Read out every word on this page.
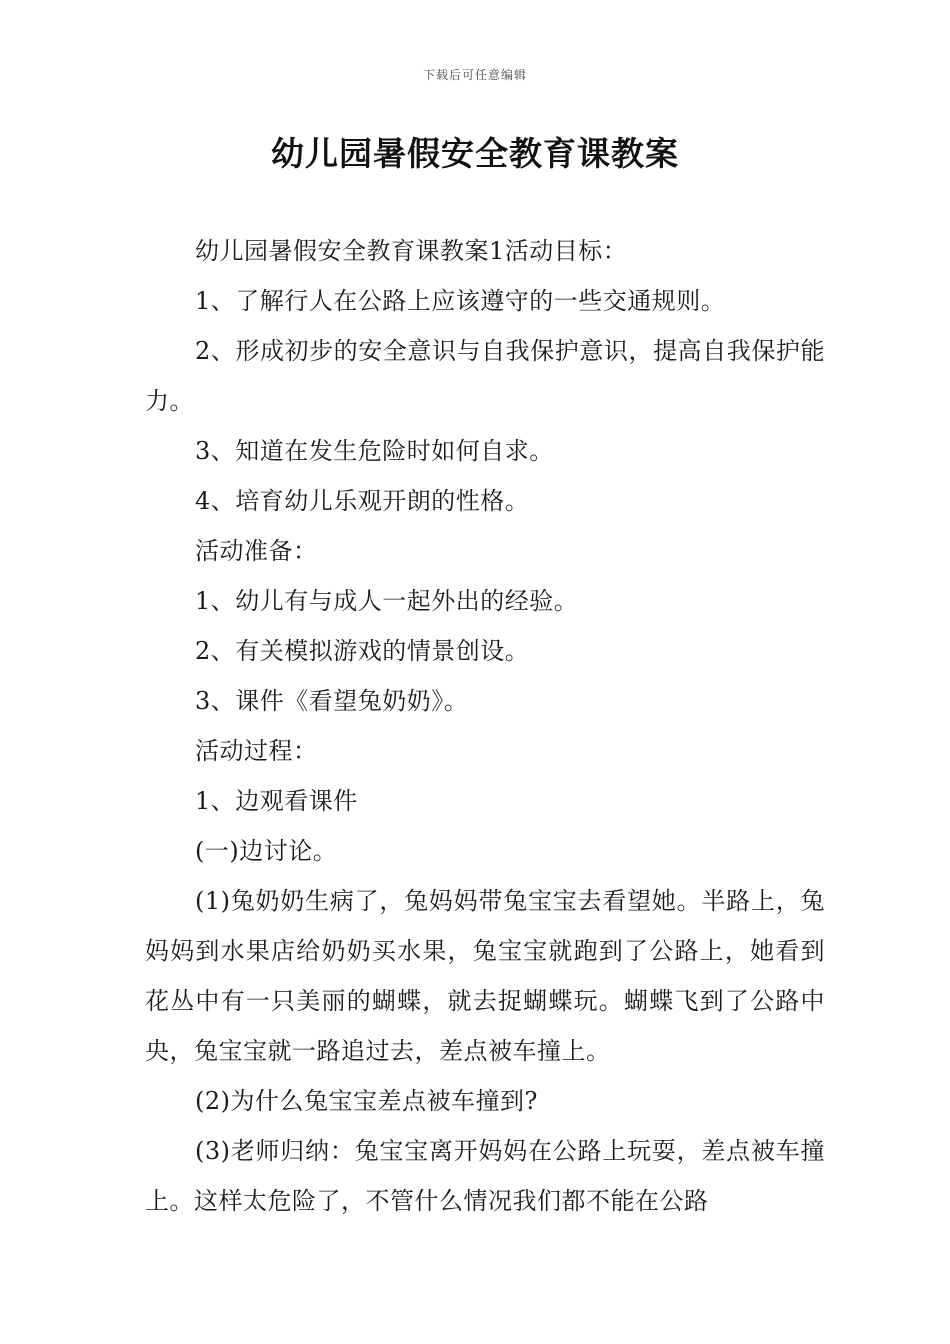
下载后可任意编辑
幼儿园暑假安全教育课教案

幼儿园暑假安全教育课教案1活动目标：

1、了解行人在公路上应该遵守的一些交通规则。

2、形成初步的安全意识与自我保护意识，提高自我保护能力。

3、知道在发生危险时如何自求。

4、培育幼儿乐观开朗的性格。

活动准备：

1、幼儿有与成人一起外出的经验。

2、有关模拟游戏的情景创设。

3、课件《看望兔奶奶》。

活动过程：

1、边观看课件

(一)边讨论。

(1)兔奶奶生病了，兔妈妈带兔宝宝去看望她。半路上，兔妈妈到水果店给奶奶买水果，兔宝宝就跑到了公路上，她看到花丛中有一只美丽的蝴蝶，就去捉蝴蝶玩。蝴蝶飞到了公路中央，兔宝宝就一路追过去，差点被车撞上。

(2)为什么兔宝宝差点被车撞到?

(3)老师归纳：兔宝宝离开妈妈在公路上玩耍，差点被车撞上。这样太危险了，不管什么情况我们都不能在公路
